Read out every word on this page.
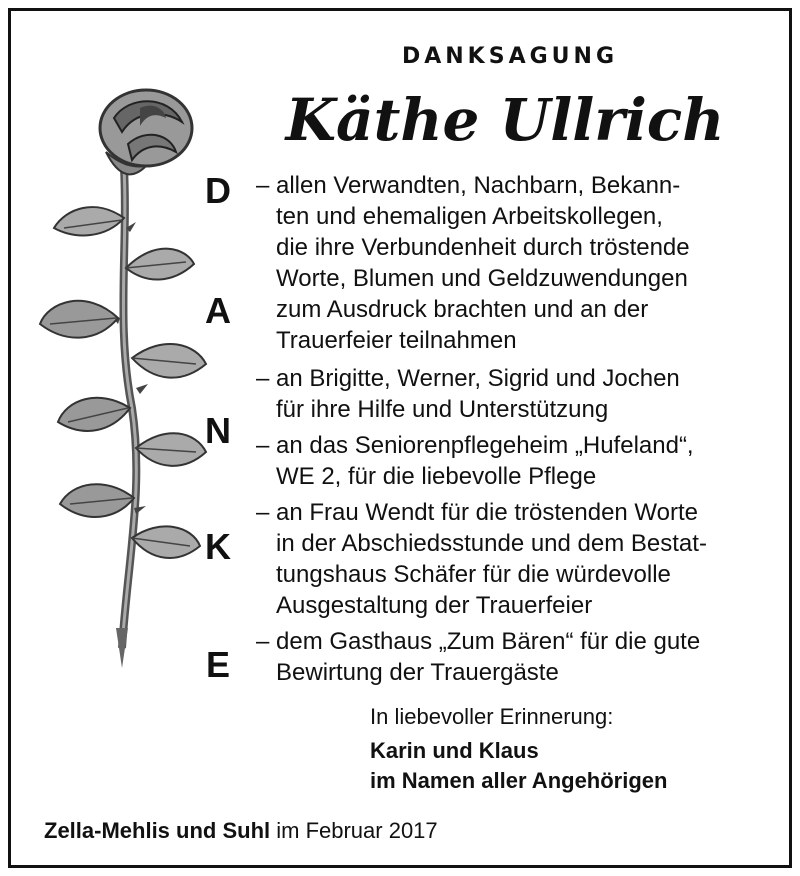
DANKSAGUNG
Käthe Ullrich
D
A
N
K
E
– allen Verwandten, Nachbarn, Bekann-
ten und ehemaligen Arbeitskollegen,
die ihre Verbundenheit durch tröstende
Worte, Blumen und Geldzuwendungen
zum Ausdruck brachten und an der
Trauerfeier teilnahmen
– an Brigitte, Werner, Sigrid und Jochen
für ihre Hilfe und Unterstützung
– an das Seniorenpflegeheim „Hufeland“,
WE 2, für die liebevolle Pflege
– an Frau Wendt für die tröstenden Worte
in der Abschiedsstunde und dem Bestat-
tungshaus Schäfer für die würdevolle
Ausgestaltung der Trauerfeier
– dem Gasthaus „Zum Bären“ für die gute
Bewirtung der Trauergäste
In liebevoller Erinnerung:
Karin und Klaus
im Namen aller Angehörigen
Zella-Mehlis und Suhl im Februar 2017
